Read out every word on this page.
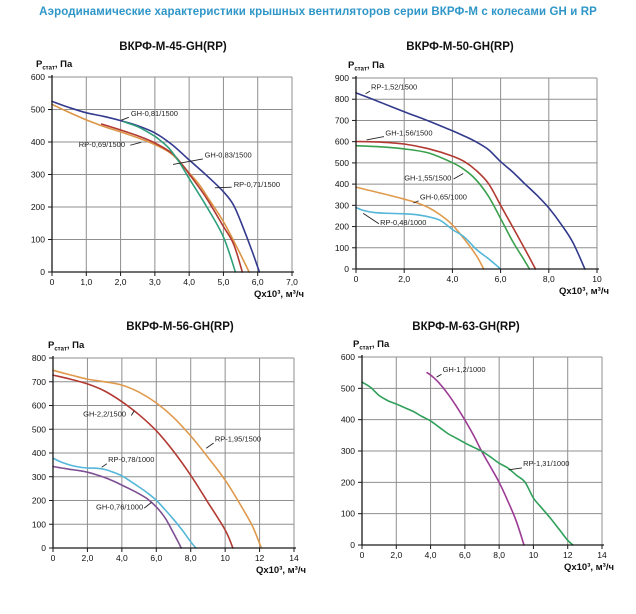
Аэродинамические характеристики крышных вентиляторов серии ВКРФ-М с колесами GH и RP
ВКРФ-М-45-GH(RP)
$P_{стат}$, Па
0	1,0	2,0	3,0	4,0	5,0	6,0	7,0
0
100
200
300
400
500
600
Qx10³, м³/ч
GH-0,81/1500
RP-0,69/1500
GH-0,83/1500
RP-0,71/1500
ВКРФ-М-50-GH(RP)
$P_{стат}$, Па
0	2,0	4,0	6,0	8,0	10
0
100
200
300
400
500
600
700
800
900
Qx10³, м³/ч
RP-1,52/1500
GH-1,56/1500
GH-1,55/1500
GH-0,65/1000
RP-0,48/1000
ВКРФ-М-56-GH(RP)
$P_{стат}$, Па
0	2,0	4,0	6,0	8,0	10	12	14
0
100
200
300
400
500
600
700
800
Qx10³, м³/ч
GH-2,2/1500
RP-1,95/1500
RP-0,78/1000
GH-0,76/1000
ВКРФ-М-63-GH(RP)
$P_{стат}$, Па
0	2,0	4,0	6,0	8,0	10	12	14
0
100
200
300
400
500
600
Qx10³, м³/ч
GH-1,2/1000
RP-1,31/1000
